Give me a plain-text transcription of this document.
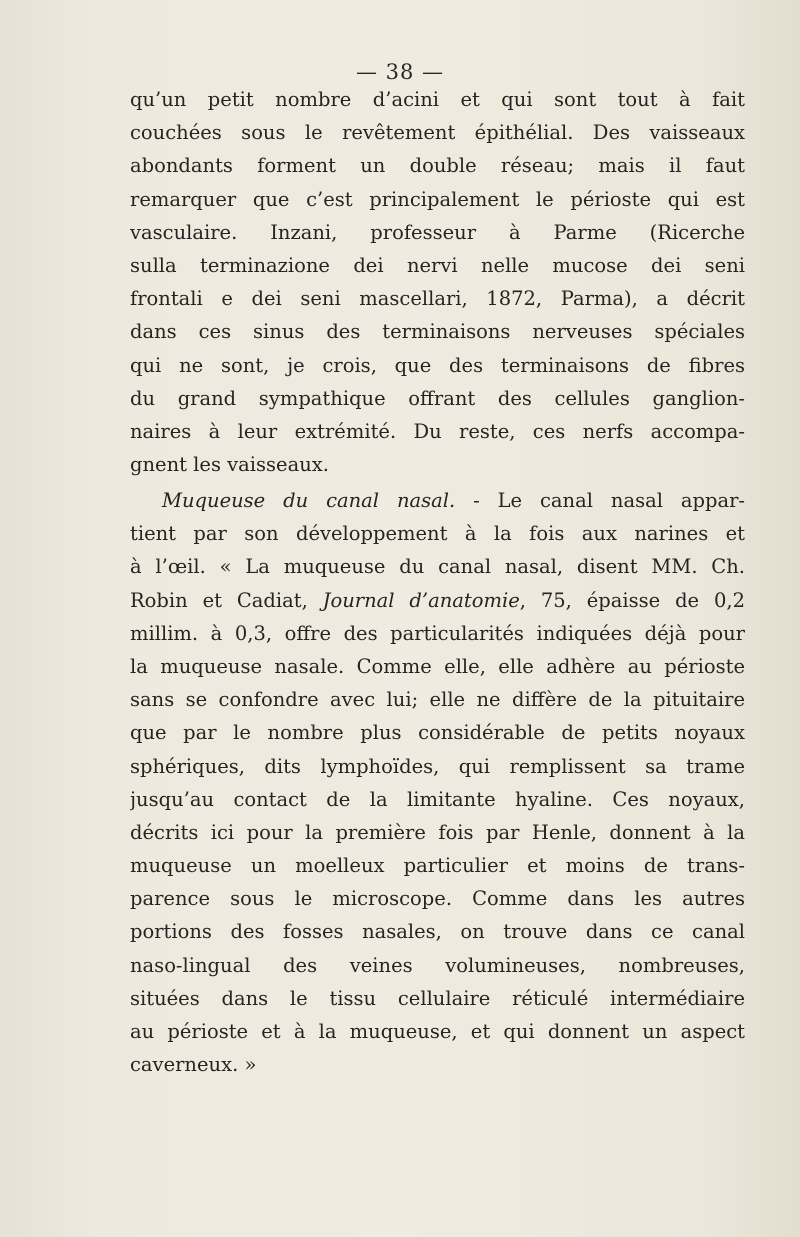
— 38 —
qu’un petit nombre d’acini et qui sont tout à fait
couchées sous le revêtement épithélial. Des vaisseaux
abondants forment un double réseau; mais il faut
remarquer que c’est principalement le périoste qui est
vasculaire. Inzani, professeur à Parme (Ricerche
sulla terminazione dei nervi nelle mucose dei seni
frontali e dei seni mascellari, 1872, Parma), a décrit
dans ces sinus des terminaisons nerveuses spéciales
qui ne sont, je crois, que des terminaisons de fibres
du grand sympathique offrant des cellules ganglion-
naires à leur extrémité. Du reste, ces nerfs accompa-
gnent les vaisseaux.
Muqueuse du canal nasal. - Le canal nasal appar-
tient par son développement à la fois aux narines et
à l’œil. « La muqueuse du canal nasal, disent MM. Ch.
Robin et Cadiat, Journal d’anatomie, 75, épaisse de 0,2
millim. à 0,3, offre des particularités indiquées déjà pour
la muqueuse nasale. Comme elle, elle adhère au périoste
sans se confondre avec lui; elle ne diffère de la pituitaire
que par le nombre plus considérable de petits noyaux
sphériques, dits lymphoïdes, qui remplissent sa trame
jusqu’au contact de la limitante hyaline. Ces noyaux,
décrits ici pour la première fois par Henle, donnent à la
muqueuse un moelleux particulier et moins de trans-
parence sous le microscope. Comme dans les autres
portions des fosses nasales, on trouve dans ce canal
naso-lingual des veines volumineuses, nombreuses,
situées dans le tissu cellulaire réticulé intermédiaire
au périoste et à la muqueuse, et qui donnent un aspect
caverneux. »
